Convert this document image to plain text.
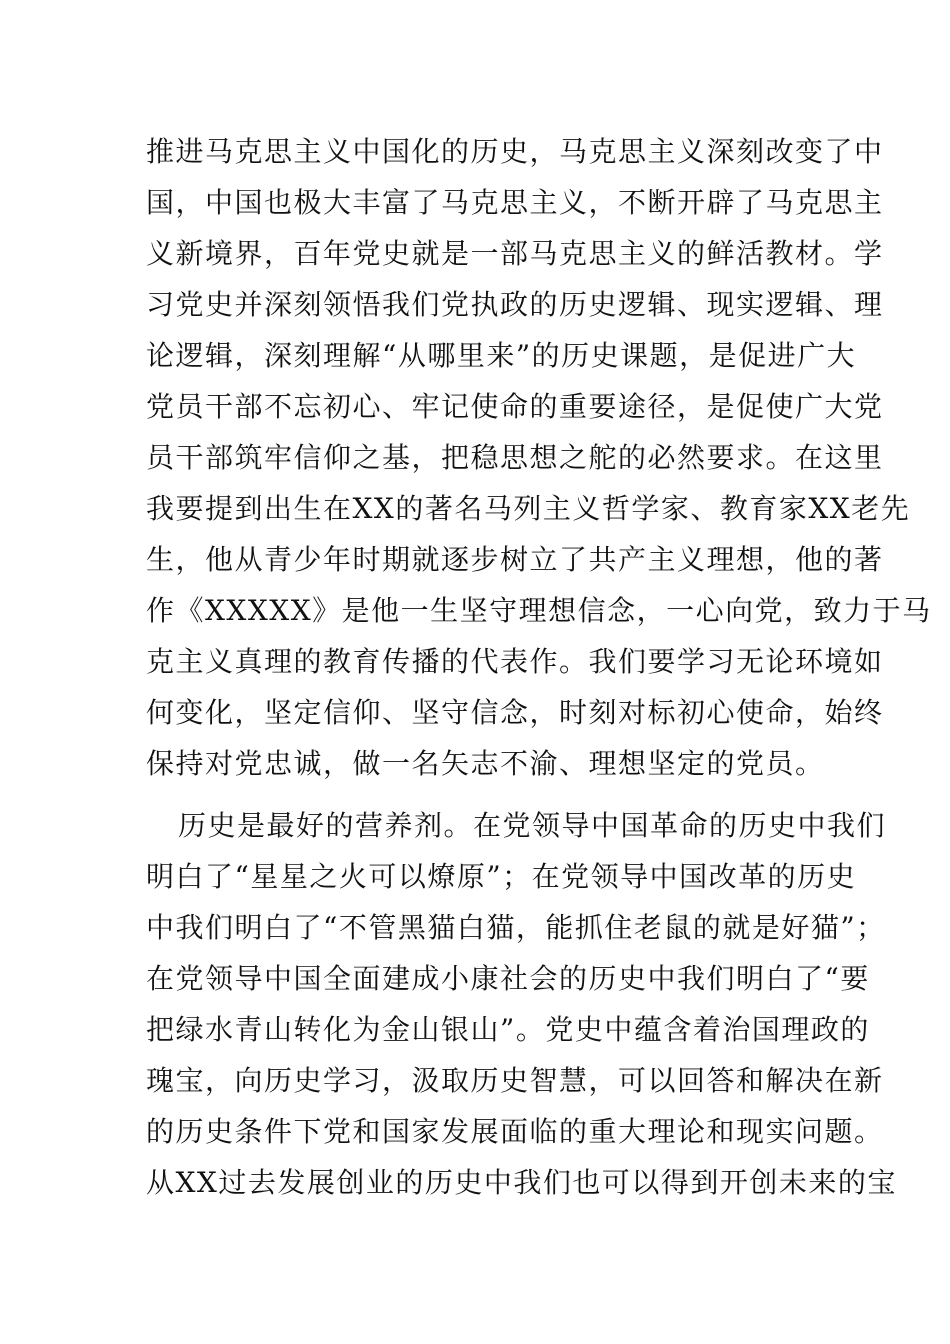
推进马克思主义中国化的历史，马克思主义深刻改变了中
国，中国也极大丰富了马克思主义，不断开辟了马克思主
义新境界，百年党史就是一部马克思主义的鲜活教材。学
习党史并深刻领悟我们党执政的历史逻辑、现实逻辑、理
论逻辑，深刻理解“从哪里来”的历史课题，是促进广大
党员干部不忘初心、牢记使命的重要途径，是促使广大党
员干部筑牢信仰之基，把稳思想之舵的必然要求。在这里
我要提到出生在XX的著名马列主义哲学家、教育家XX老先
生，他从青少年时期就逐步树立了共产主义理想，他的著
作《XXXXX》是他一生坚守理想信念，一心向党，致力于马
克主义真理的教育传播的代表作。我们要学习无论环境如
何变化，坚定信仰、坚守信念，时刻对标初心使命，始终
保持对党忠诚，做一名矢志不渝、理想坚定的党员。
历史是最好的营养剂。在党领导中国革命的历史中我们
明白了“星星之火可以燎原”；在党领导中国改革的历史
中我们明白了“不管黑猫白猫，能抓住老鼠的就是好猫”；
在党领导中国全面建成小康社会的历史中我们明白了“要
把绿水青山转化为金山银山”。党史中蕴含着治国理政的
瑰宝，向历史学习，汲取历史智慧，可以回答和解决在新
的历史条件下党和国家发展面临的重大理论和现实问题。
从XX过去发展创业的历史中我们也可以得到开创未来的宝
